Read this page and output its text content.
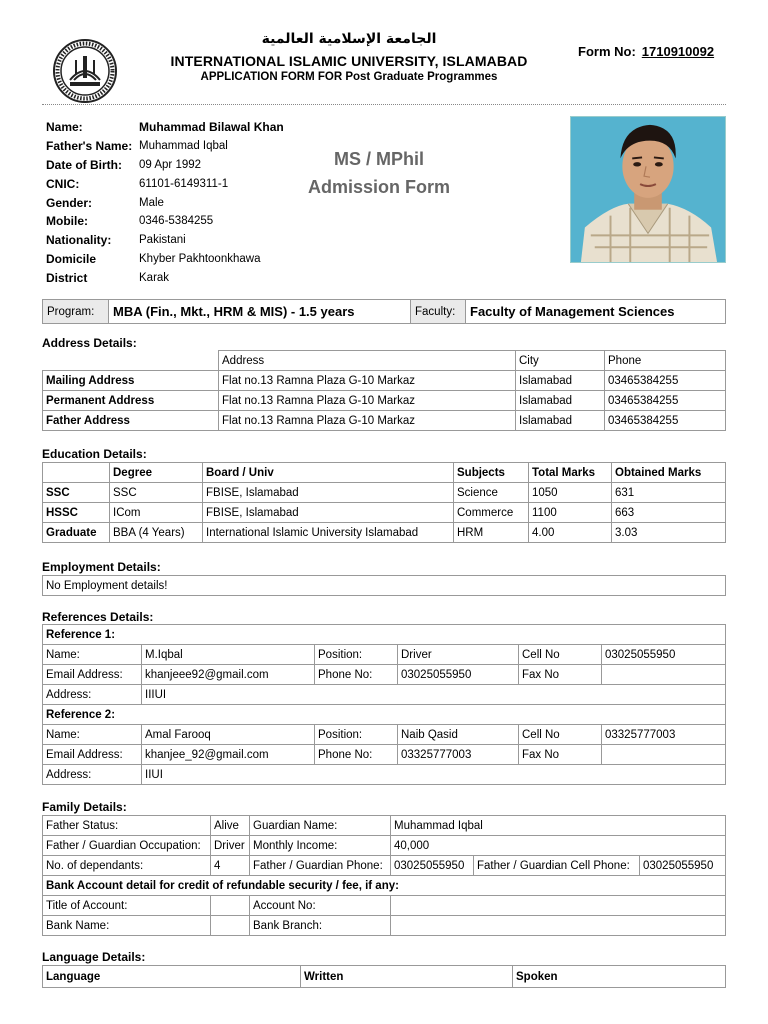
الجامعة الإسلامية العالمية
INTERNATIONAL ISLAMIC UNIVERSITY, ISLAMABAD
APPLICATION FORM FOR Post Graduate Programmes
Form No: 1710910092
Name:	Muhammad Bilawal Khan
Father's Name: Muhammad Iqbal
Date of Birth:	09 Apr 1992
CNIC:	61101-6149311-1
Gender:	Male
Mobile:	0346-5384255
Nationality:	Pakistani
Domicile	Khyber Pakhtoonkhawa
District	Karak
MS / MPhil
Admission Form
Program:	MBA (Fin., Mkt., HRM & MIS) - 1.5 years	Faculty:	Faculty of Management Sciences
Address Details:
	Address	City	Phone
Mailing Address	Flat no.13 Ramna Plaza G-10 Markaz	Islamabad	03465384255
Permanent Address	Flat no.13 Ramna Plaza G-10 Markaz	Islamabad	03465384255
Father Address	Flat no.13 Ramna Plaza G-10 Markaz	Islamabad	03465384255
Education Details:
	Degree	Board / Univ	Subjects	Total Marks	Obtained Marks
SSC	SSC	FBISE, Islamabad	Science	1050	631
HSSC	ICom	FBISE, Islamabad	Commerce	1100	663
Graduate	BBA (4 Years)	International Islamic University Islamabad	HRM	4.00	3.03
Employment Details:
No Employment details!
References Details:
Reference 1:					
Name:	M.Iqbal	Position:	Driver	Cell No	03025055950
Email Address:	khanjeee92@gmail.com	Phone No:	03025055950	Fax No	
Address:	IIIUI				
Reference 2:					
Name:	Amal Farooq	Position:	Naib Qasid	Cell No	03325777003
Email Address:	khanjee_92@gmail.com	Phone No:	03325777003	Fax No	
Address:	IIUI				
Family Details:
Father Status:	Alive	Guardian Name:	Muhammad Iqbal		
Father / Guardian Occupation:	Driver	Monthly Income:	40,000		
No. of dependants:	4	Father / Guardian Phone:	03025055950	Father / Guardian Cell Phone:	03025055950
Bank Account detail for credit of refundable security / fee, if any:					
Title of Account:		Account No:			
Bank Name:		Bank Branch:			
Language Details:
Language	Written	Spoken
